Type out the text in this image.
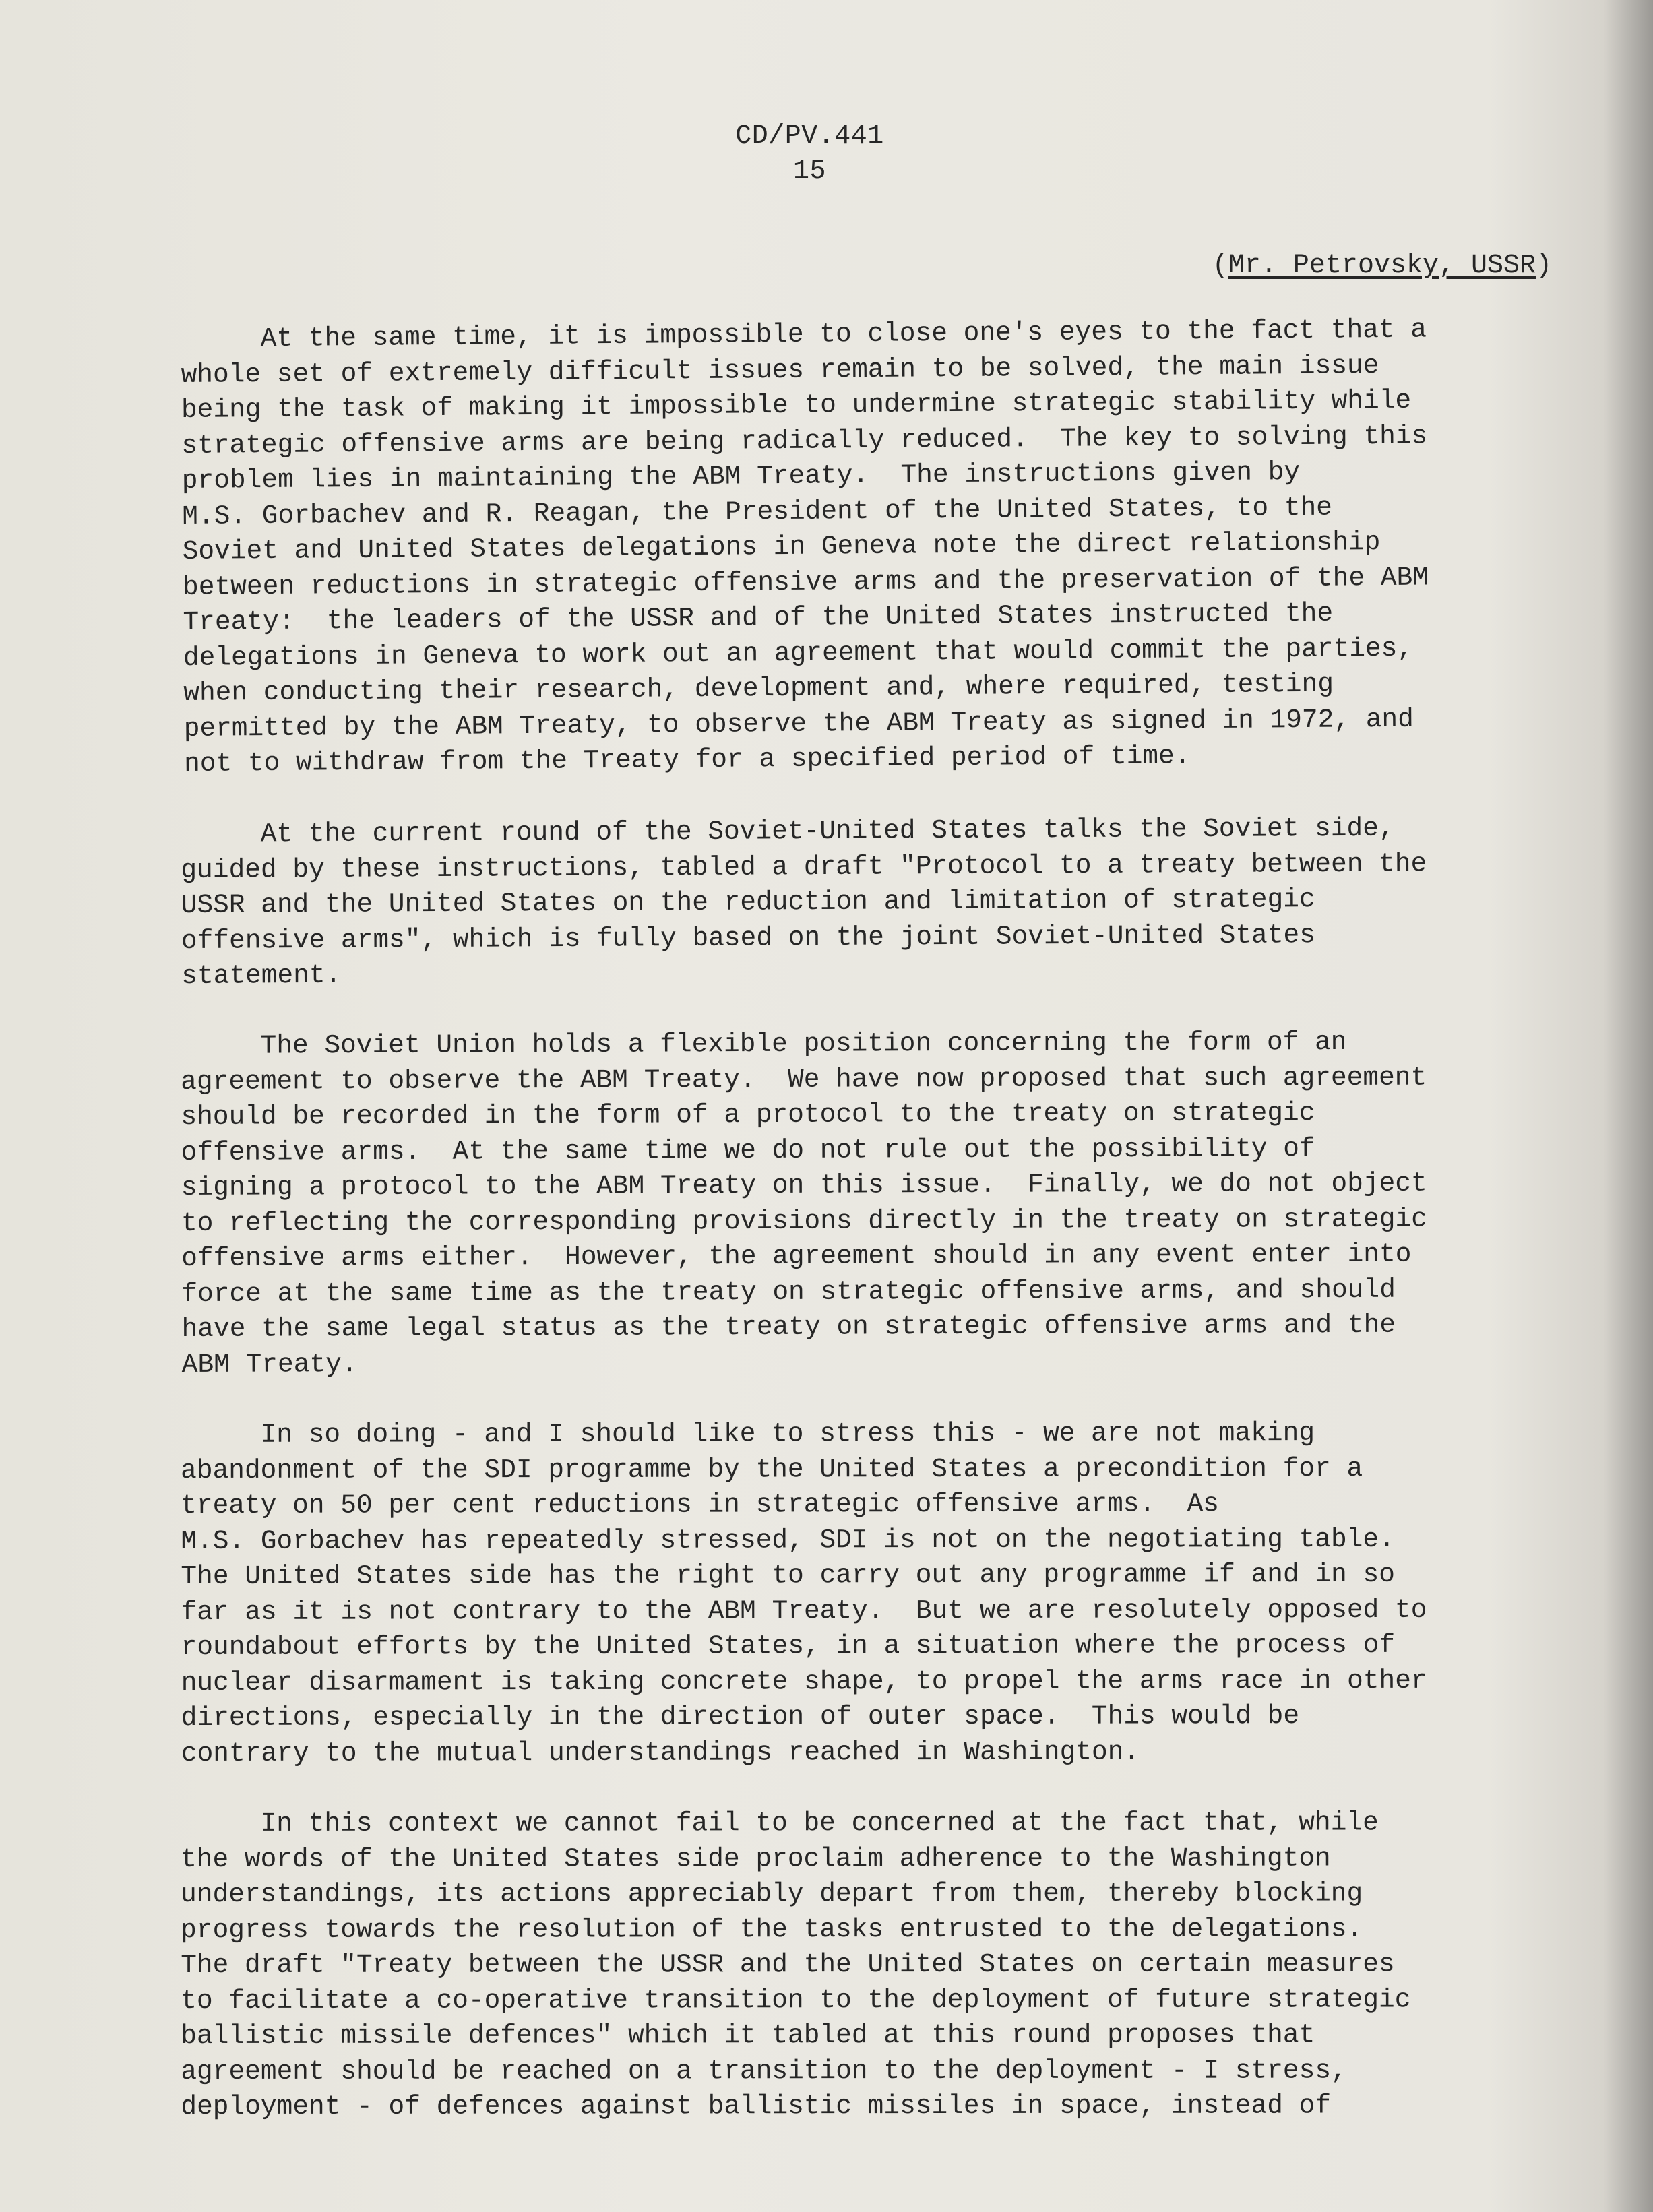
CD/PV.441
15
(Mr. Petrovsky, USSR)

At the same time, it is impossible to close one's eyes to the fact that a
whole set of extremely difficult issues remain to be solved, the main issue
being the task of making it impossible to undermine strategic stability while
strategic offensive arms are being radically reduced.  The key to solving this
problem lies in maintaining the ABM Treaty.  The instructions given by
M.S. Gorbachev and R. Reagan, the President of the United States, to the
Soviet and United States delegations in Geneva note the direct relationship
between reductions in strategic offensive arms and the preservation of the ABM
Treaty:  the leaders of the USSR and of the United States instructed the
delegations in Geneva to work out an agreement that would commit the parties,
when conducting their research, development and, where required, testing
permitted by the ABM Treaty, to observe the ABM Treaty as signed in 1972, and
not to withdraw from the Treaty for a specified period of time.

At the current round of the Soviet-United States talks the Soviet side,
guided by these instructions, tabled a draft "Protocol to a treaty between the
USSR and the United States on the reduction and limitation of strategic
offensive arms", which is fully based on the joint Soviet-United States
statement.

The Soviet Union holds a flexible position concerning the form of an
agreement to observe the ABM Treaty.  We have now proposed that such agreement
should be recorded in the form of a protocol to the treaty on strategic
offensive arms.  At the same time we do not rule out the possibility of
signing a protocol to the ABM Treaty on this issue.  Finally, we do not object
to reflecting the corresponding provisions directly in the treaty on strategic
offensive arms either.  However, the agreement should in any event enter into
force at the same time as the treaty on strategic offensive arms, and should
have the same legal status as the treaty on strategic offensive arms and the
ABM Treaty.

In so doing - and I should like to stress this - we are not making
abandonment of the SDI programme by the United States a precondition for a
treaty on 50 per cent reductions in strategic offensive arms.  As
M.S. Gorbachev has repeatedly stressed, SDI is not on the negotiating table.
The United States side has the right to carry out any programme if and in so
far as it is not contrary to the ABM Treaty.  But we are resolutely opposed to
roundabout efforts by the United States, in a situation where the process of
nuclear disarmament is taking concrete shape, to propel the arms race in other
directions, especially in the direction of outer space.  This would be
contrary to the mutual understandings reached in Washington.

In this context we cannot fail to be concerned at the fact that, while
the words of the United States side proclaim adherence to the Washington
understandings, its actions appreciably depart from them, thereby blocking
progress towards the resolution of the tasks entrusted to the delegations.
The draft "Treaty between the USSR and the United States on certain measures
to facilitate a co-operative transition to the deployment of future strategic
ballistic missile defences" which it tabled at this round proposes that
agreement should be reached on a transition to the deployment - I stress,
deployment - of defences against ballistic missiles in space, instead of
